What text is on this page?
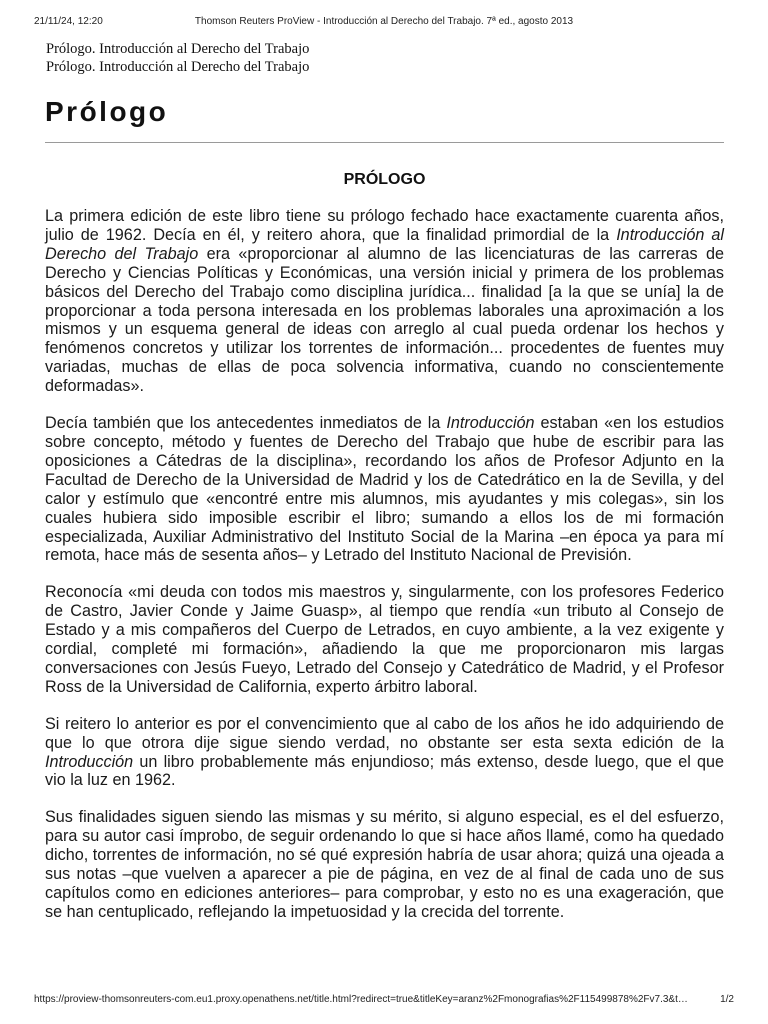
21/11/24, 12:20	Thomson Reuters ProView - Introducción al Derecho del Trabajo. 7ª ed., agosto 2013
Prólogo. Introducción al Derecho del Trabajo
Prólogo. Introducción al Derecho del Trabajo
Prólogo
PRÓLOGO

La primera edición de este libro tiene su prólogo fechado hace exactamente cuarenta años, julio de 1962. Decía en él, y reitero ahora, que la finalidad primordial de la Introducción al Derecho del Trabajo era «proporcionar al alumno de las licenciaturas de las carreras de Derecho y Ciencias Políticas y Económicas, una versión inicial y primera de los problemas básicos del Derecho del Trabajo como disciplina jurídica... finalidad [a la que se unía] la de proporcionar a toda persona interesada en los problemas laborales una aproximación a los mismos y un esquema general de ideas con arreglo al cual pueda ordenar los hechos y fenómenos concretos y utilizar los torrentes de información... procedentes de fuentes muy variadas, muchas de ellas de poca solvencia informativa, cuando no conscientemente deformadas».

Decía también que los antecedentes inmediatos de la Introducción estaban «en los estudios sobre concepto, método y fuentes de Derecho del Trabajo que hube de escribir para las oposiciones a Cátedras de la disciplina», recordando los años de Profesor Adjunto en la Facultad de Derecho de la Universidad de Madrid y los de Catedrático en la de Sevilla, y del calor y estímulo que «encontré entre mis alumnos, mis ayudantes y mis colegas», sin los cuales hubiera sido imposible escribir el libro; sumando a ellos los de mi formación especializada, Auxiliar Administrativo del Instituto Social de la Marina –en época ya para mí remota, hace más de sesenta años– y Letrado del Instituto Nacional de Previsión.

Reconocía «mi deuda con todos mis maestros y, singularmente, con los profesores Federico de Castro, Javier Conde y Jaime Guasp», al tiempo que rendía «un tributo al Consejo de Estado y a mis compañeros del Cuerpo de Letrados, en cuyo ambiente, a la vez exigente y cordial, completé mi formación», añadiendo la que me proporcionaron mis largas conversaciones con Jesús Fueyo, Letrado del Consejo y Catedrático de Madrid, y el Profesor Ross de la Universidad de California, experto árbitro laboral.

Si reitero lo anterior es por el convencimiento que al cabo de los años he ido adquiriendo de que lo que otrora dije sigue siendo verdad, no obstante ser esta sexta edición de la Introducción un libro probablemente más enjundioso; más extenso, desde luego, que el que vio la luz en 1962.

Sus finalidades siguen siendo las mismas y su mérito, si alguno especial, es el del esfuerzo, para su autor casi ímprobo, de seguir ordenando lo que si hace años llamé, como ha quedado dicho, torrentes de información, no sé qué expresión habría de usar ahora; quizá una ojeada a sus notas –que vuelven a aparecer a pie de página, en vez de al final de cada uno de sus capítulos como en ediciones anteriores– para comprobar, y esto no es una exageración, que se han centuplicado, reflejando la impetuosidad y la crecida del torrente.

https://proview-thomsonreuters-com.eu1.proxy.openathens.net/title.html?redirect=true&titleKey=aranz%2Fmonografias%2F115499878%2Fv7.3&t…	1/2
